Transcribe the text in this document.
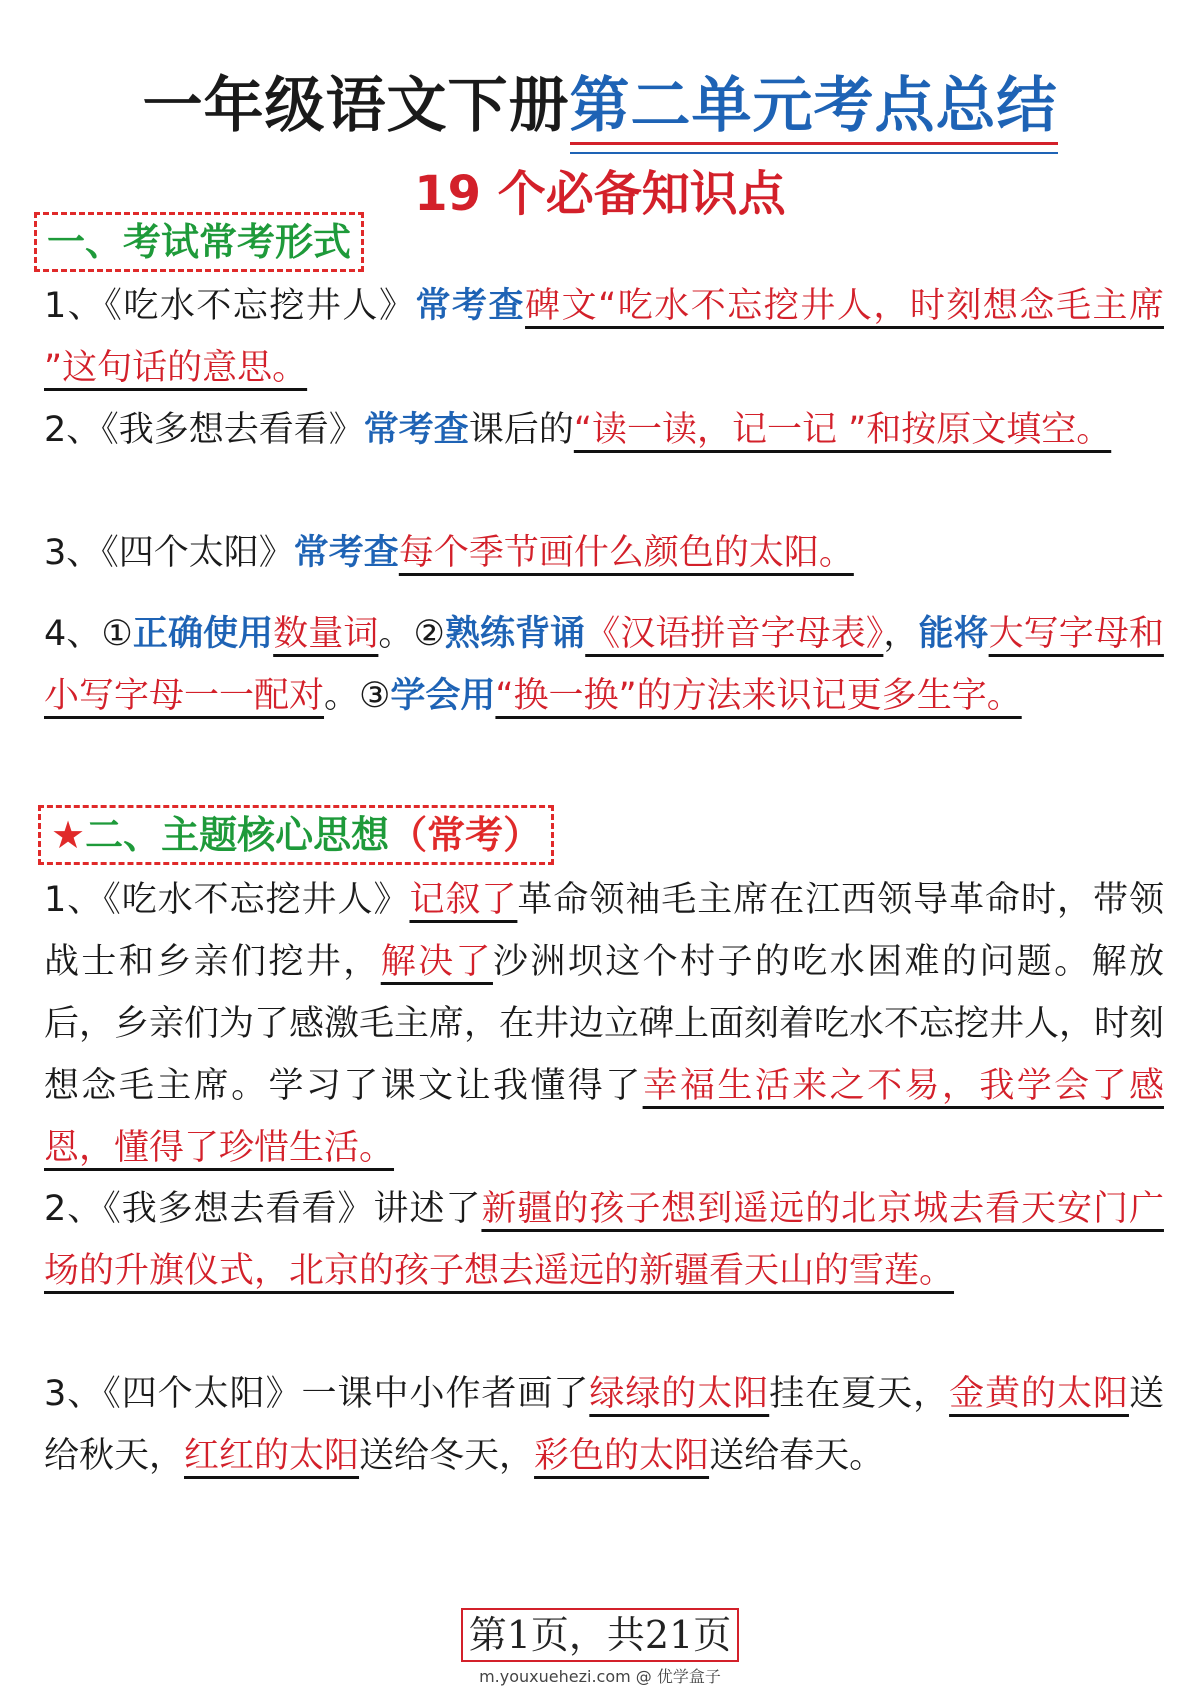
一年级语文下册第二单元考点总结
19 个必备知识点
一、考试常考形式
1、《吃水不忘挖井人》常考查碑文“吃水不忘挖井人，时刻想念毛主席 ”这句话的意思。
2、《我多想去看看》常考查课后的“读一读，记一记 ”和按原文填空。
3、《四个太阳》常考查每个季节画什么颜色的太阳。
4、①正确使用数量词。②熟练背诵《汉语拼音字母表》，能将大写字母和小写字母一一配对。③学会用“换一换”的方法来识记更多生字。
★二、主题核心思想（常考）
1、《吃水不忘挖井人》记叙了革命领袖毛主席在江西领导革命时，带领战士和乡亲们挖井，解决了沙洲坝这个村子的吃水困难的问题。解放后，乡亲们为了感激毛主席，在井边立碑上面刻着吃水不忘挖井人，时刻想念毛主席。学习了课文让我懂得了幸福生活来之不易，我学会了感恩，懂得了珍惜生活。
2、《我多想去看看》讲述了新疆的孩子想到遥远的北京城去看天安门广场的升旗仪式，北京的孩子想去遥远的新疆看天山的雪莲。
3、《四个太阳》一课中小作者画了绿绿的太阳挂在夏天，金黄的太阳送给秋天，红红的太阳送给冬天，彩色的太阳送给春天。
第1页，共21页
m.youxuehezi.com @ 优学盒子
